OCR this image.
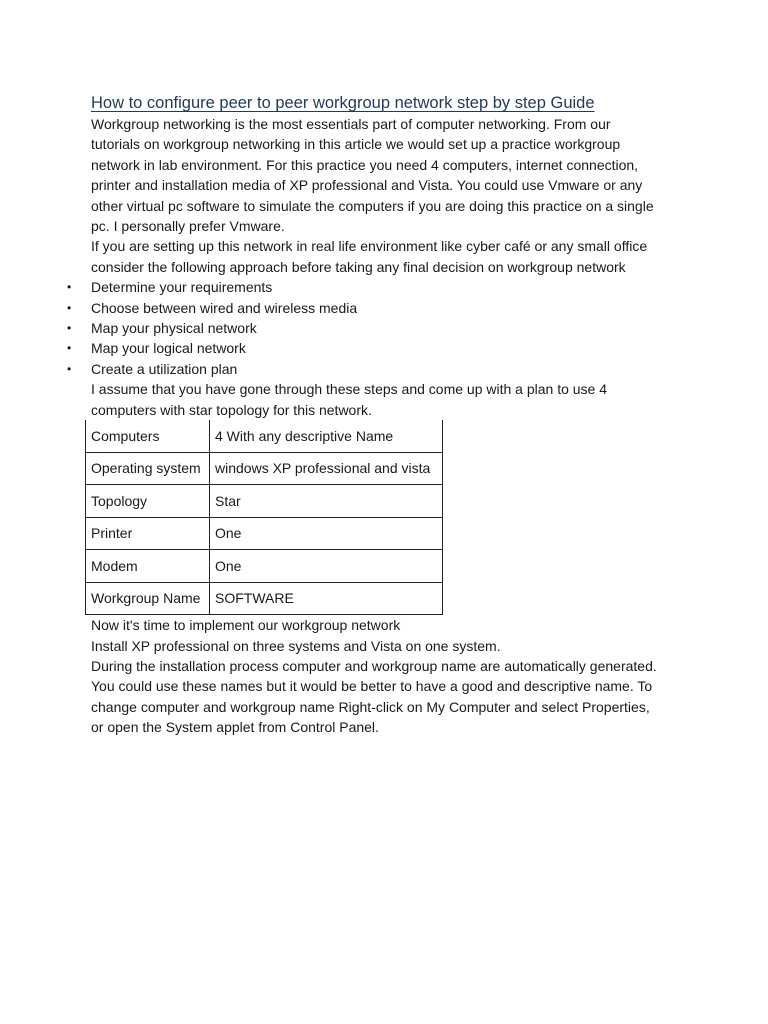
How to configure peer to peer workgroup network step by step Guide

Workgroup networking is the most essentials part of computer networking. From our
tutorials on workgroup networking in this article we would set up a practice workgroup
network in lab environment. For this practice you need 4 computers, internet connection,
printer and installation media of XP professional and Vista. You could use Vmware or any
other virtual pc software to simulate the computers if you are doing this practice on a single
pc. I personally prefer Vmware.
If you are setting up this network in real life environment like cyber café or any small office
consider the following approach before taking any final decision on workgroup network

• Determine your requirements
• Choose between wired and wireless media
• Map your physical network
• Map your logical network
• Create a utilization plan

I assume that you have gone through these steps and come up with a plan to use 4
computers with star topology for this network.

Computers	4 With any descriptive Name
Operating system	windows XP professional and vista
Topology	Star
Printer	One
Modem	One
Workgroup Name	SOFTWARE

Now it's time to implement our workgroup network
Install XP professional on three systems and Vista on one system.
During the installation process computer and workgroup name are automatically generated.
You could use these names but it would be better to have a good and descriptive name. To
change computer and workgroup name Right-click on My Computer and select Properties,
or open the System applet from Control Panel.
